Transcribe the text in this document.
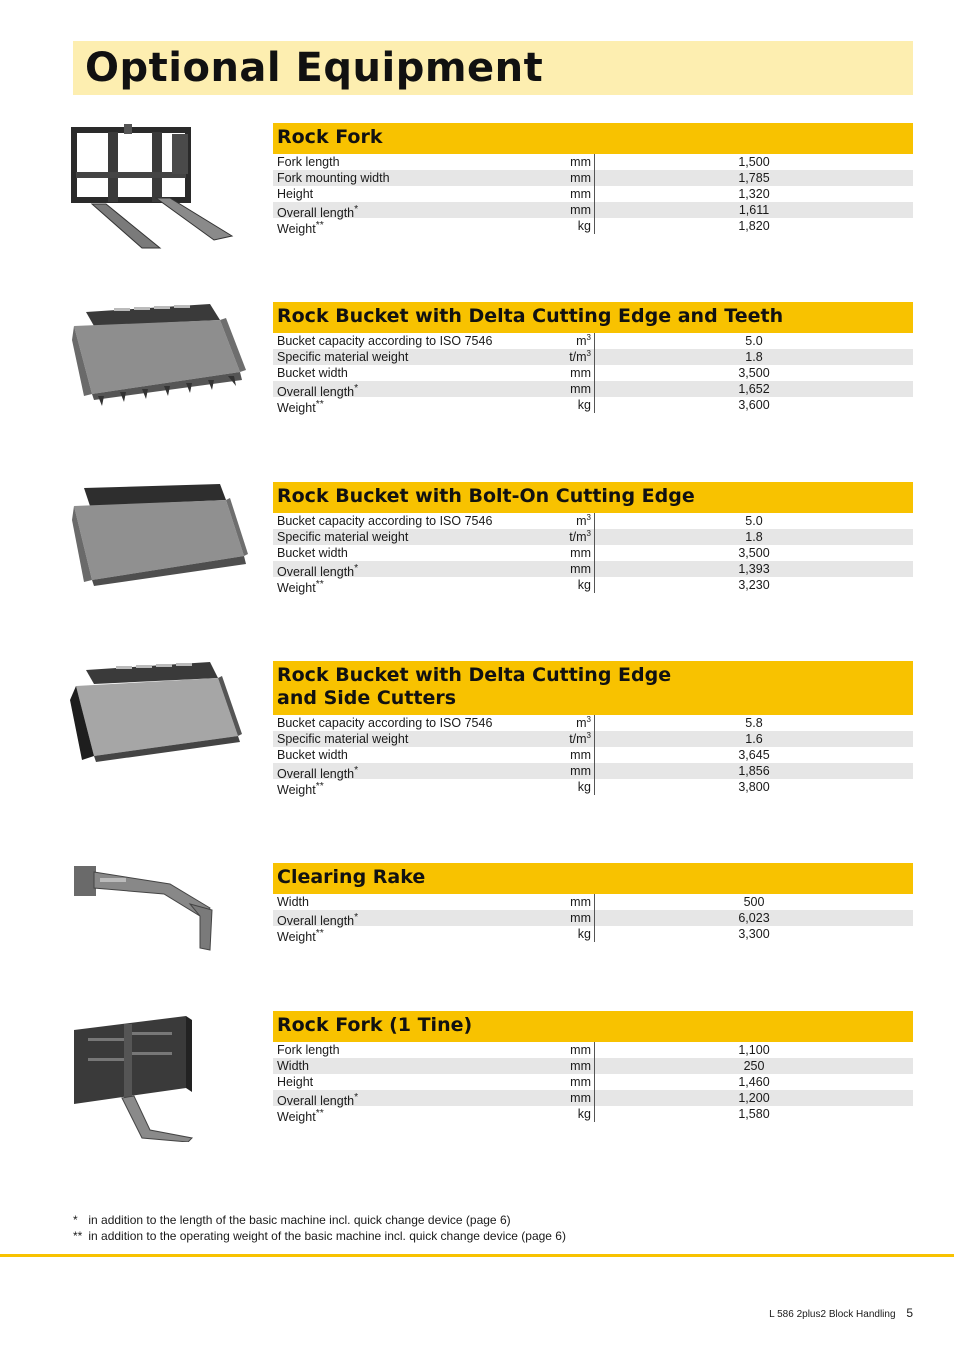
Optional Equipment
Rock Fork
Fork length	mm	1,500
Fork mounting width	mm	1,785
Height	mm	1,320
Overall length*	mm	1,611
Weight**	kg	1,820
Rock Bucket with Delta Cutting Edge and Teeth
Bucket capacity according to ISO 7546	$m^3$	5.0
Specific material weight	$t/m^3$	1.8
Bucket width	mm	3,500
Overall length*	mm	1,652
Weight**	kg	3,600
Rock Bucket with Bolt-On Cutting Edge
Bucket capacity according to ISO 7546	$m^3$	5.0
Specific material weight	$t/m^3$	1.8
Bucket width	mm	3,500
Overall length*	mm	1,393
Weight**	kg	3,230
Rock Bucket with Delta Cutting Edge
and Side Cutters
Bucket capacity according to ISO 7546	$m^3$	5.8
Specific material weight	$t/m^3$	1.6
Bucket width	mm	3,645
Overall length*	mm	1,856
Weight**	kg	3,800
Clearing Rake
Width	mm	500
Overall length*	mm	6,023
Weight**	kg	3,300
Rock Fork (1 Tine)
Fork length	mm	1,100
Width	mm	250
Height	mm	1,460
Overall length*	mm	1,200
Weight**	kg	1,580
* in addition to the length of the basic machine incl. quick change device (page 6)
** in addition to the operating weight of the basic machine incl. quick change device (page 6)
L 586 2plus2 Block Handling 5
